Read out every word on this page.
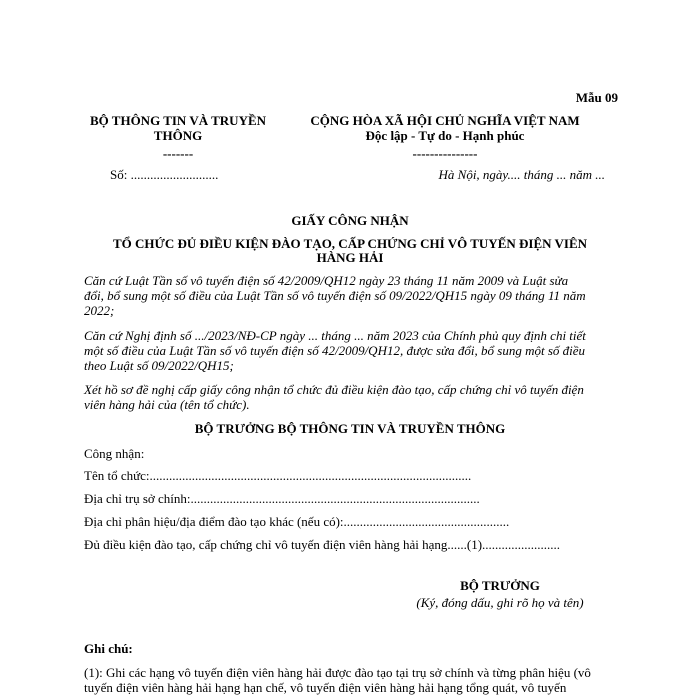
Mẫu 09
BỘ THÔNG TIN VÀ TRUYỀN
THÔNG
-------
Số: ...........................
CỘNG HÒA XÃ HỘI CHỦ NGHĨA VIỆT NAM
Độc lập - Tự do - Hạnh phúc
---------------
Hà Nội, ngày.... tháng ... năm ...
GIẤY CÔNG NHẬN
TỔ CHỨC ĐỦ ĐIỀU KIỆN ĐÀO TẠO, CẤP CHỨNG CHỈ VÔ TUYẾN ĐIỆN VIÊN
HÀNG HẢI
Căn cứ Luật Tần số vô tuyến điện số 42/2009/QH12 ngày 23 tháng 11 năm 2009 và Luật sửa
đổi, bổ sung một số điều của Luật Tần số vô tuyến điện số 09/2022/QH15 ngày 09 tháng 11 năm
2022;
Căn cứ Nghị định số .../2023/NĐ-CP ngày ... tháng ... năm 2023 của Chính phủ quy định chi tiết
một số điều của Luật Tần số vô tuyến điện số 42/2009/QH12, được sửa đổi, bổ sung một số điều
theo Luật số 09/2022/QH15;
Xét hồ sơ đề nghị cấp giấy công nhận tổ chức đủ điều kiện đào tạo, cấp chứng chỉ vô tuyến điện
viên hàng hải của (tên tổ chức).
BỘ TRƯỞNG BỘ THÔNG TIN VÀ TRUYỀN THÔNG
Công nhận:
Tên tổ chức:...................................................................................................
Địa chỉ trụ sở chính:.........................................................................................
Địa chỉ phân hiệu/địa điểm đào tạo khác (nếu có):...................................................
Đủ điều kiện đào tạo, cấp chứng chỉ vô tuyến điện viên hàng hải hạng......(1)........................
BỘ TRƯỞNG
(Ký, đóng dấu, ghi rõ họ và tên)
Ghi chú:
(1): Ghi các hạng vô tuyến điện viên hàng hải được đào tạo tại trụ sở chính và từng phân hiệu (vô
tuyến điện viên hàng hải hạng hạn chế, vô tuyến điện viên hàng hải hạng tổng quát, vô tuyến
